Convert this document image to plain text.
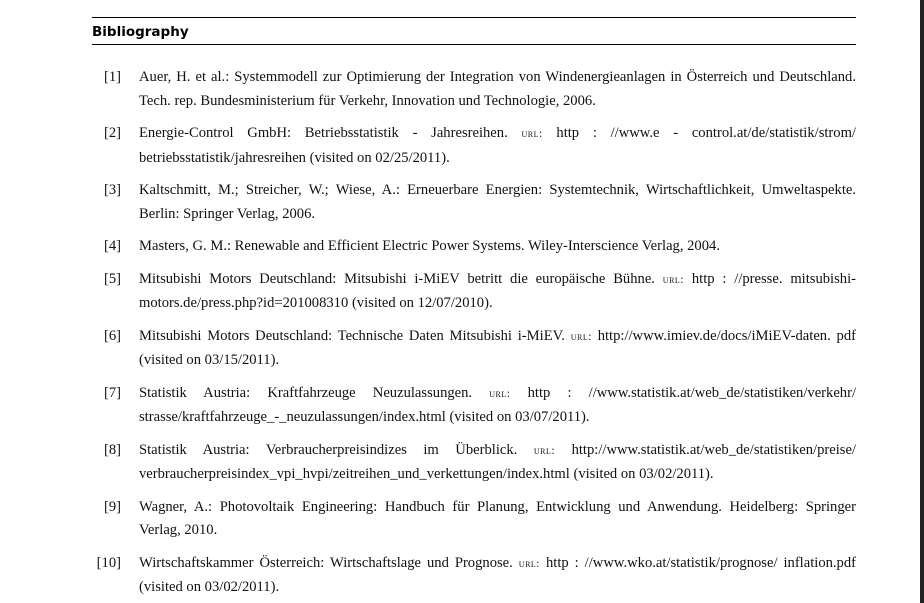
Bibliography
[1] Auer, H. et al.: Systemmodell zur Optimierung der Integration von Windenergieanlagen in Österreich und Deutschland. Tech. rep. Bundesministerium für Verkehr, Innovation und Technologie, 2006.
[2] Energie-Control GmbH: Betriebsstatistik - Jahresreihen. url: http : //www.e - control.at/de/statistik/strom/ betriebsstatistik/jahresreihen (visited on 02/25/2011).
[3] Kaltschmitt, M.; Streicher, W.; Wiese, A.: Erneuerbare Energien: Systemtechnik, Wirtschaftlichkeit, Umweltaspekte. Berlin: Springer Verlag, 2006.
[4] Masters, G. M.: Renewable and Efficient Electric Power Systems. Wiley-Interscience Verlag, 2004.
[5] Mitsubishi Motors Deutschland: Mitsubishi i-MiEV betritt die europäische Bühne. url: http : //presse. mitsubishi-motors.de/press.php?id=201008310 (visited on 12/07/2010).
[6] Mitsubishi Motors Deutschland: Technische Daten Mitsubishi i-MiEV. url: http://www.imiev.de/docs/iMiEV-daten. pdf (visited on 03/15/2011).
[7] Statistik Austria: Kraftfahrzeuge Neuzulassungen. url: http : //www.statistik.at/web_de/statistiken/verkehr/ strasse/kraftfahrzeuge_-_neuzulassungen/index.html (visited on 03/07/2011).
[8] Statistik Austria: Verbraucherpreisindizes im Überblick. url: http://www.statistik.at/web_de/statistiken/preise/ verbraucherpreisindex_vpi_hvpi/zeitreihen_und_verkettungen/index.html (visited on 03/02/2011).
[9] Wagner, A.: Photovoltaik Engineering: Handbuch für Planung, Entwicklung und Anwendung. Heidelberg: Springer Verlag, 2010.
[10] Wirtschaftskammer Österreich: Wirtschaftslage und Prognose. url: http : //www.wko.at/statistik/prognose/ inflation.pdf (visited on 03/02/2011).
